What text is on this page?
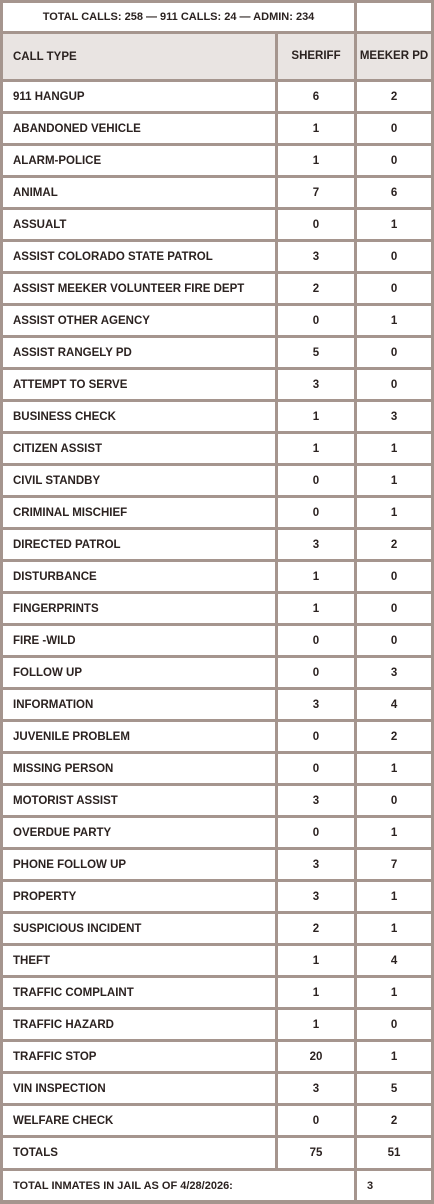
TOTAL CALLS: 258 — 911 CALLS: 24 — ADMIN: 234		
CALL TYPE	SHERIFF	MEEKER PD
911 HANGUP	6	2
ABANDONED VEHICLE	1	0
ALARM-POLICE	1	0
ANIMAL	7	6
ASSUALT	0	1
ASSIST COLORADO STATE PATROL	3	0
ASSIST MEEKER VOLUNTEER FIRE DEPT	2	0
ASSIST OTHER AGENCY	0	1
ASSIST RANGELY PD	5	0
ATTEMPT TO SERVE	3	0
BUSINESS CHECK	1	3
CITIZEN ASSIST	1	1
CIVIL STANDBY	0	1
CRIMINAL MISCHIEF	0	1
DIRECTED PATROL	3	2
DISTURBANCE	1	0
FINGERPRINTS	1	0
FIRE -WILD	0	0
FOLLOW UP	0	3
INFORMATION	3	4
JUVENILE PROBLEM	0	2
MISSING PERSON	0	1
MOTORIST ASSIST	3	0
OVERDUE PARTY	0	1
PHONE FOLLOW UP	3	7
PROPERTY	3	1
SUSPICIOUS INCIDENT	2	1
THEFT	1	4
TRAFFIC COMPLAINT	1	1
TRAFFIC HAZARD	1	0
TRAFFIC STOP	20	1
VIN INSPECTION	3	5
WELFARE CHECK	0	2
TOTALS	75	51
TOTAL INMATES IN JAIL AS OF 4/28/2026:		3
